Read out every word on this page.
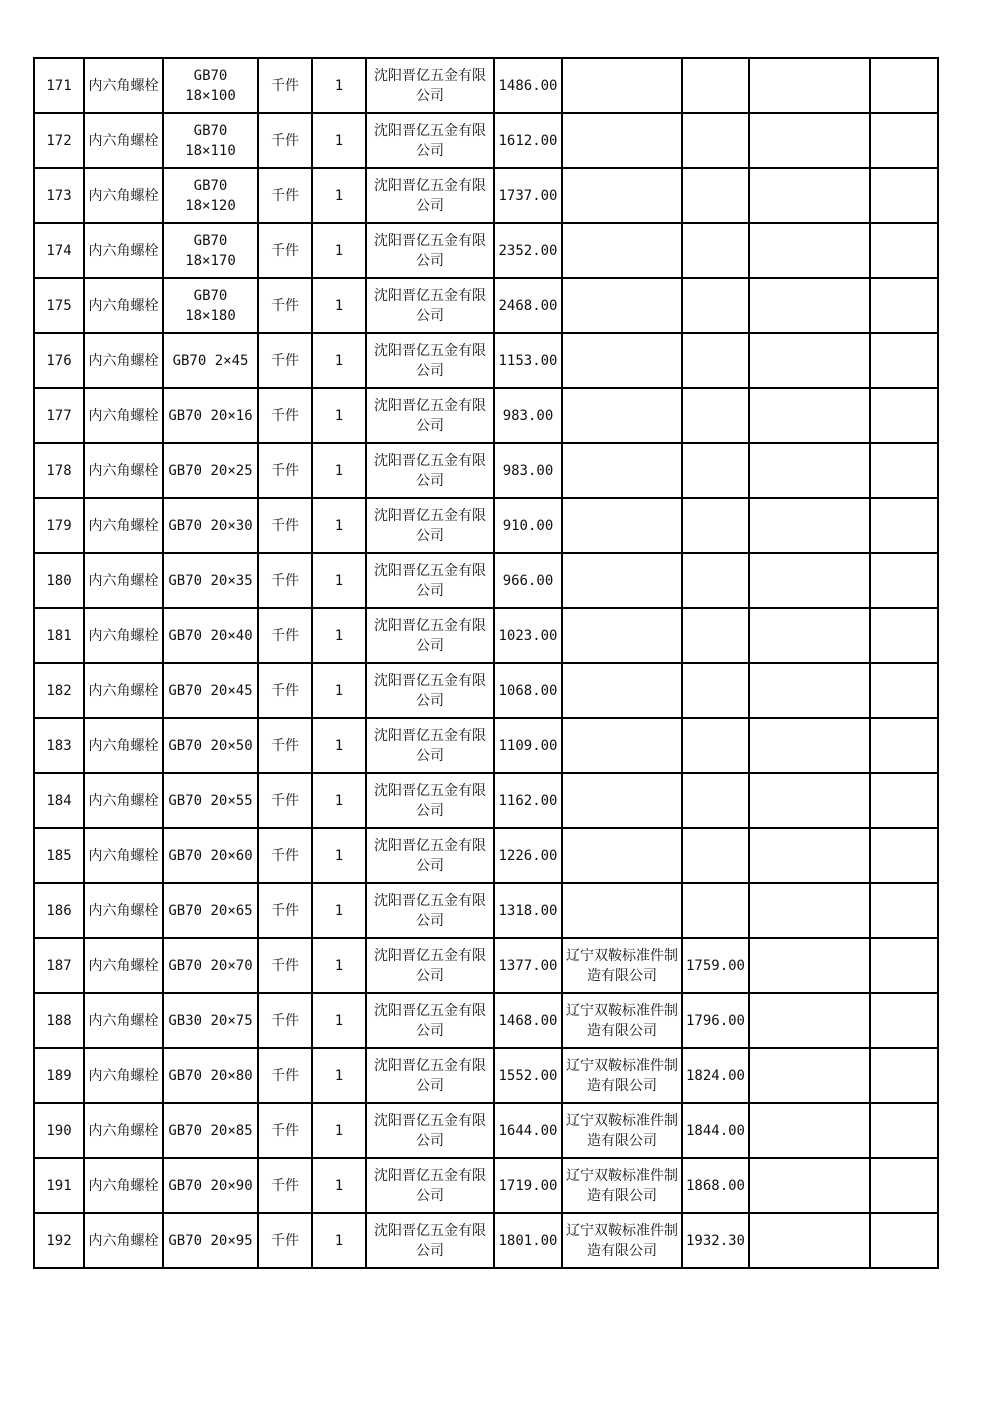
171	内六角螺栓	GB70 18×100	千件	1	沈阳晋亿五金有限公司	1486.00				
172	内六角螺栓	GB70 18×110	千件	1	沈阳晋亿五金有限公司	1612.00				
173	内六角螺栓	GB70 18×120	千件	1	沈阳晋亿五金有限公司	1737.00				
174	内六角螺栓	GB70 18×170	千件	1	沈阳晋亿五金有限公司	2352.00				
175	内六角螺栓	GB70 18×180	千件	1	沈阳晋亿五金有限公司	2468.00				
176	内六角螺栓	GB70 2×45	千件	1	沈阳晋亿五金有限公司	1153.00				
177	内六角螺栓	GB70 20×16	千件	1	沈阳晋亿五金有限公司	983.00				
178	内六角螺栓	GB70 20×25	千件	1	沈阳晋亿五金有限公司	983.00				
179	内六角螺栓	GB70 20×30	千件	1	沈阳晋亿五金有限公司	910.00				
180	内六角螺栓	GB70 20×35	千件	1	沈阳晋亿五金有限公司	966.00				
181	内六角螺栓	GB70 20×40	千件	1	沈阳晋亿五金有限公司	1023.00				
182	内六角螺栓	GB70 20×45	千件	1	沈阳晋亿五金有限公司	1068.00				
183	内六角螺栓	GB70 20×50	千件	1	沈阳晋亿五金有限公司	1109.00				
184	内六角螺栓	GB70 20×55	千件	1	沈阳晋亿五金有限公司	1162.00				
185	内六角螺栓	GB70 20×60	千件	1	沈阳晋亿五金有限公司	1226.00				
186	内六角螺栓	GB70 20×65	千件	1	沈阳晋亿五金有限公司	1318.00				
187	内六角螺栓	GB70 20×70	千件	1	沈阳晋亿五金有限公司	1377.00	辽宁双鞍标准件制造有限公司	1759.00		
188	内六角螺栓	GB30 20×75	千件	1	沈阳晋亿五金有限公司	1468.00	辽宁双鞍标准件制造有限公司	1796.00		
189	内六角螺栓	GB70 20×80	千件	1	沈阳晋亿五金有限公司	1552.00	辽宁双鞍标准件制造有限公司	1824.00		
190	内六角螺栓	GB70 20×85	千件	1	沈阳晋亿五金有限公司	1644.00	辽宁双鞍标准件制造有限公司	1844.00		
191	内六角螺栓	GB70 20×90	千件	1	沈阳晋亿五金有限公司	1719.00	辽宁双鞍标准件制造有限公司	1868.00		
192	内六角螺栓	GB70 20×95	千件	1	沈阳晋亿五金有限公司	1801.00	辽宁双鞍标准件制造有限公司	1932.30		
